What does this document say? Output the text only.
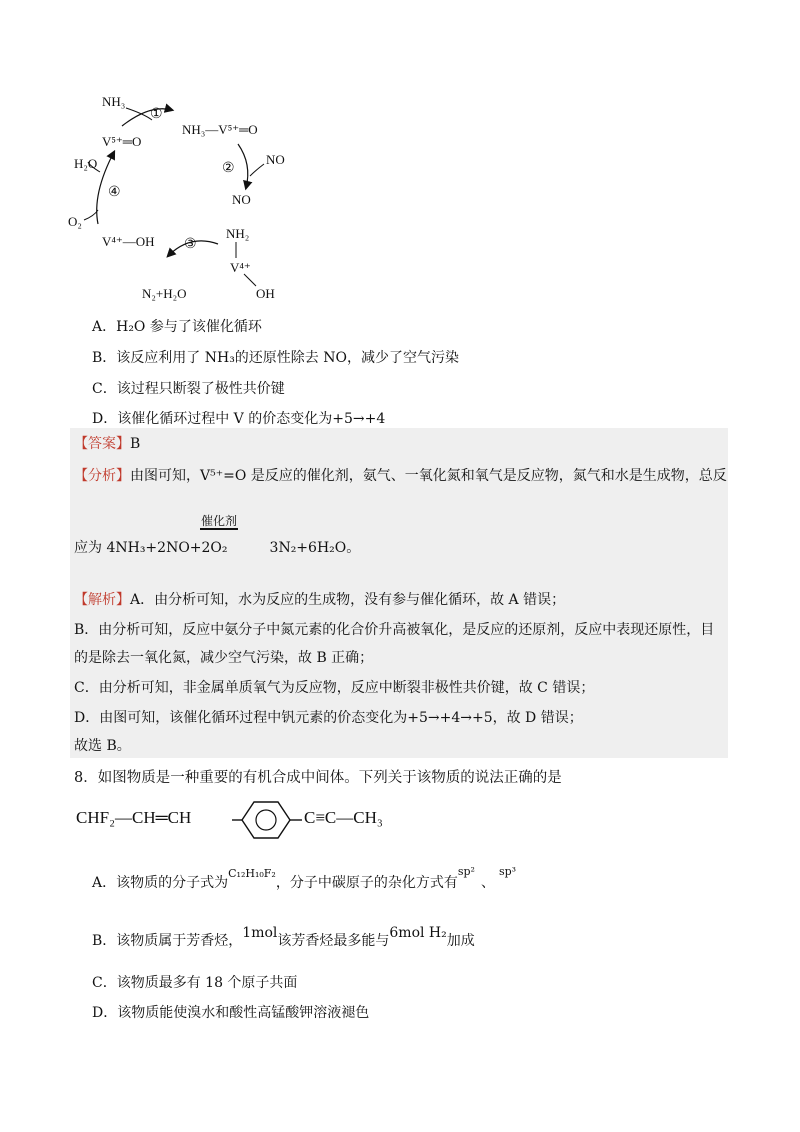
①
②
③
④
NH₃
V⁵⁺═O
NH₃—V⁵⁺═O
NO
NO
NH₂
V⁴⁺
OH
V⁴⁺—OH
N₂+H₂O
O₂
H₂O
A．H₂O 参与了该催化循环
B．该反应利用了 NH₃的还原性除去 NO，减少了空气污染
C．该过程只断裂了极性共价键
D．该催化循环过程中 V 的价态变化为+5→+4
【答案】B
【分析】由图可知，V⁵⁺=O 是反应的催化剂，氨气、一氧化氮和氧气是反应物，氮气和水是生成物，总反
催化剂
应为 4NH₃+2NO+2O₂	3N₂+6H₂O。
【解析】A．由分析可知，水为反应的生成物，没有参与催化循环，故 A 错误；
B．由分析可知，反应中氨分子中氮元素的化合价升高被氧化，是反应的还原剂，反应中表现还原性，目
的是除去一氧化氮，减少空气污染，故 B 正确；
C．由分析可知，非金属单质氧气为反应物，反应中断裂非极性共价键，故 C 错误；
D．由图可知，该催化循环过程中钒元素的价态变化为+5→+4→+5，故 D 错误；
故选 B。
8．如图物质是一种重要的有机合成中间体。下列关于该物质的说法正确的是
CHF₂—CH═CH	C≡C—CH₃
A．该物质的分子式为$^{C_{12}H_{10}F_2}$，分子中碳原子的杂化方式有$^{sp^2}$、$^{sp^3}$
B．该物质属于芳香烃，1mol该芳香烃最多能与6mol H₂加成
C．该物质最多有 18 个原子共面
D．该物质能使溴水和酸性高锰酸钾溶液褪色
